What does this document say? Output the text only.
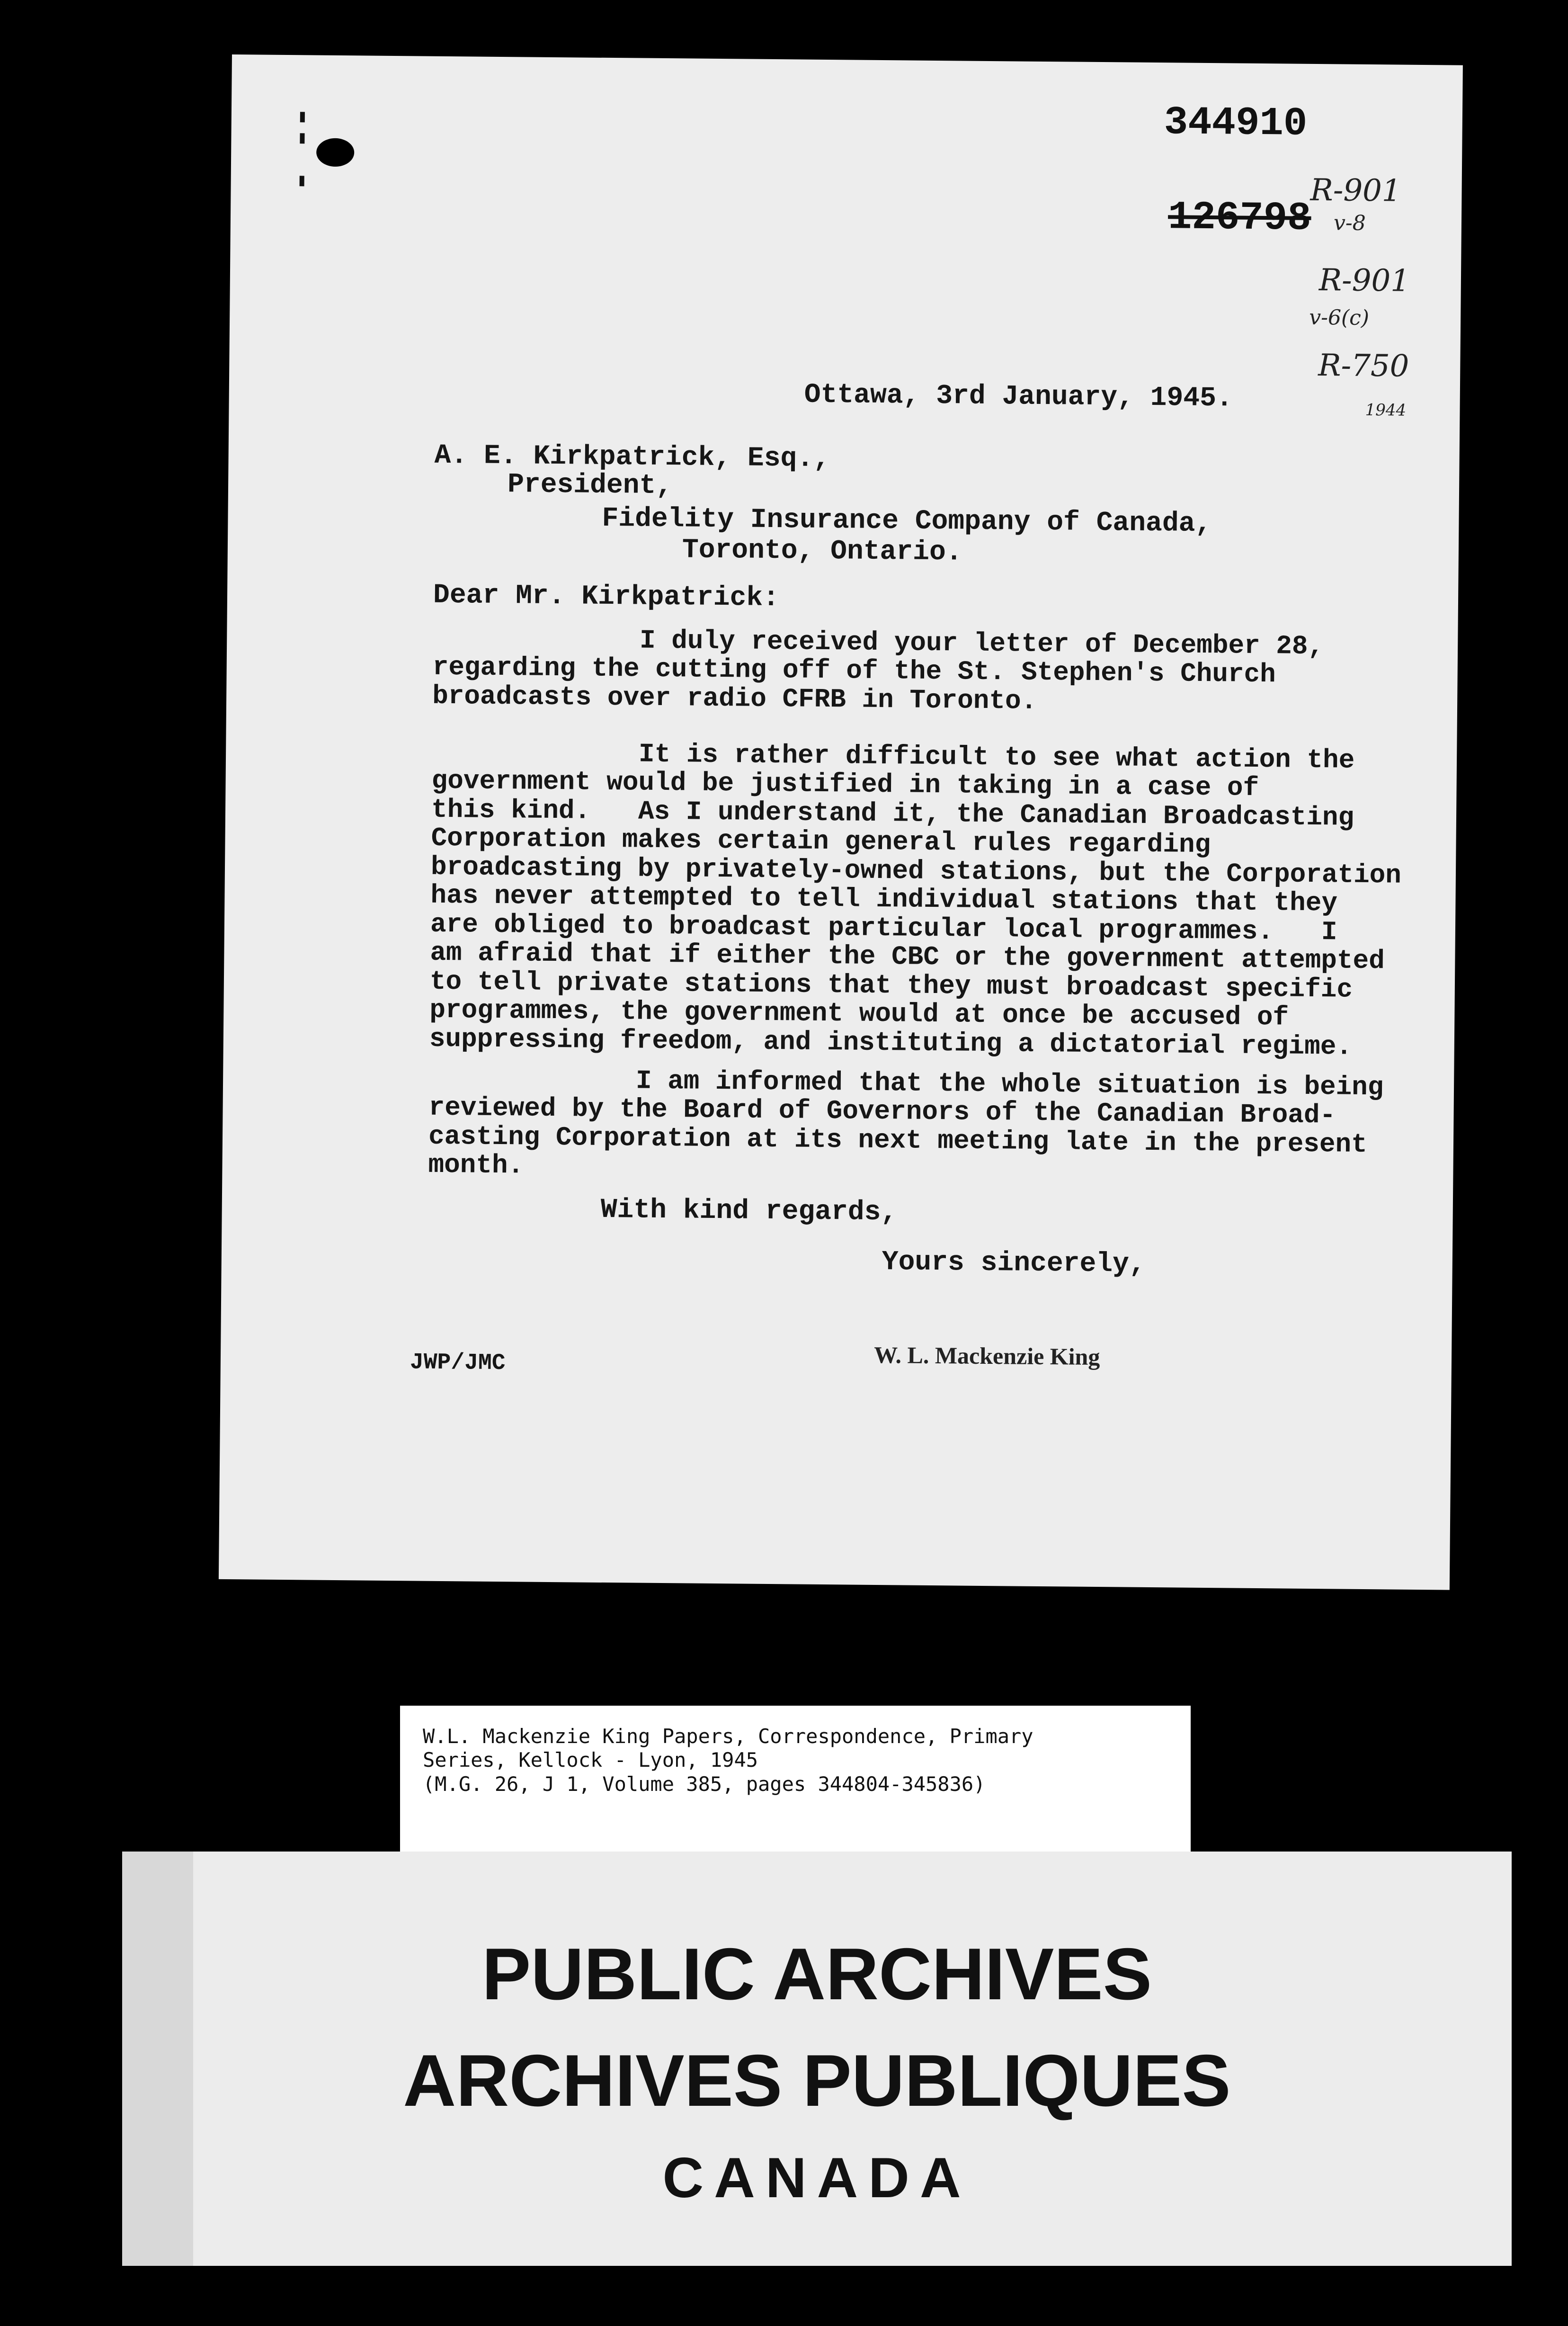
344910
126798
R-901
v-8
R-901
v-6(c)
R-750
1944
Ottawa, 3rd January, 1945.
A. E. Kirkpatrick, Esq.,
President,
Fidelity Insurance Company of Canada,
Toronto, Ontario.
Dear Mr. Kirkpatrick:
I duly received your letter of December 28,
regarding the cutting off of the St. Stephen's Church
broadcasts over radio CFRB in Toronto.
It is rather difficult to see what action the
government would be justified in taking in a case of
this kind.   As I understand it, the Canadian Broadcasting
Corporation makes certain general rules regarding
broadcasting by privately-owned stations, but the Corporation
has never attempted to tell individual stations that they
are obliged to broadcast particular local programmes.   I
am afraid that if either the CBC or the government attempted
to tell private stations that they must broadcast specific
programmes, the government would at once be accused of
suppressing freedom, and instituting a dictatorial regime.
I am informed that the whole situation is being
reviewed by the Board of Governors of the Canadian Broad-
casting Corporation at its next meeting late in the present
month.
With kind regards,
Yours sincerely,
JWP/JMC	W. L. Mackenzie King
W.L. Mackenzie King Papers, Correspondence, Primary
Series, Kellock - Lyon, 1945
(M.G. 26, J 1, Volume 385, pages 344804-345836)
PUBLIC ARCHIVES
ARCHIVES PUBLIQUES
CANADA
